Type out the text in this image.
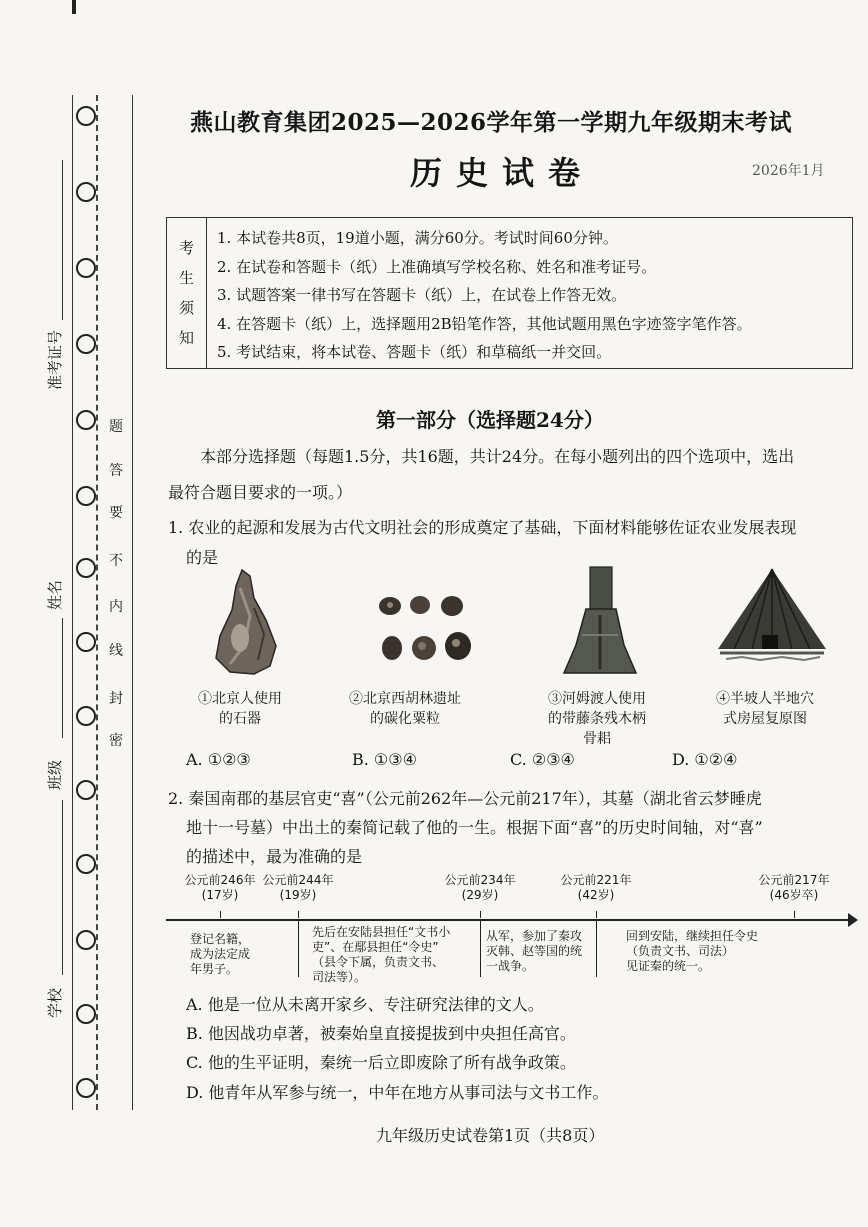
密
封
线
内
不
要
答
题
准考证号
姓名
班级
学校
燕山教育集团2025—2026学年第一学期九年级期末考试
历史试卷	2026年1月
考
生
须
知
1. 本试卷共8页，19道小题，满分60分。考试时间60分钟。
2. 在试卷和答题卡（纸）上准确填写学校名称、姓名和准考证号。
3. 试题答案一律书写在答题卡（纸）上，在试卷上作答无效。
4. 在答题卡（纸）上，选择题用2B铅笔作答，其他试题用黑色字迹签字笔作答。
5. 考试结束，将本试卷、答题卡（纸）和草稿纸一并交回。
第一部分（选择题24分）
本部分选择题（每题1.5分，共16题，共计24分。在每小题列出的四个选项中，选出
最符合题目要求的一项。）
1. 农业的起源和发展为古代文明社会的形成奠定了基础，下面材料能够佐证农业发展表现
的是
①北京人使用
的石器
②北京西胡林遗址
的碳化粟粒
③河姆渡人使用
的带藤条残木柄
骨耜
④半坡人半地穴
式房屋复原图
A. ①②③	B. ①③④	C. ②③④	D. ①②④
2. 秦国南郡的基层官吏“喜”（公元前262年—公元前217年），其墓（湖北省云梦睡虎
地十一号墓）中出土的秦简记载了他的一生。根据下面“喜”的历史时间轴，对“喜”
的描述中，最为准确的是
公元前246年
(17岁)
公元前244年
(19岁)
公元前234年
(29岁)
公元前221年
(42岁)
公元前217年
(46岁卒)
登记名籍，
成为法定成
年男子。
先后在安陆县担任“文书小
吏”、在鄢县担任“令史”
（县令下属，负责文书、
司法等）。
从军，参加了秦攻
灭韩、赵等国的统
一战争。
回到安陆，继续担任令史
（负责文书、司法）
见证秦的统一。
A. 他是一位从未离开家乡、专注研究法律的文人。
B. 他因战功卓著，被秦始皇直接提拔到中央担任高官。
C. 他的生平证明，秦统一后立即废除了所有战争政策。
D. 他青年从军参与统一，中年在地方从事司法与文书工作。
九年级历史试卷第1页（共8页）
